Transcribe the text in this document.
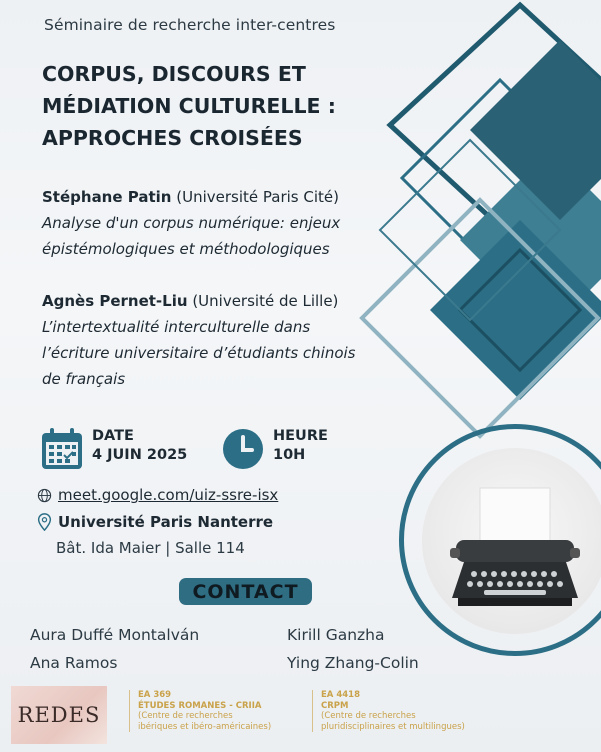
Séminaire de recherche inter-centres
CORPUS, DISCOURS ET
MÉDIATION CULTURELLE :
APPROCHES CROISÉES
Stéphane Patin (Université Paris Cité)
Analyse d'un corpus numérique: enjeux
épistémologiques et méthodologiques
Agnès Pernet-Liu (Université de Lille)
L’intertextualité interculturelle dans
l’écriture universitaire d’étudiants chinois
de français
DATE
4 JUIN 2025
HEURE
10H
meet.google.com/uiz-ssre-isx
Université Paris Nanterre
Bât. Ida Maier | Salle 114
CONTACT
Aura Duffé Montalván	Kirill Ganzha
Ana Ramos	Ying Zhang-Colin
REDES
EA 369
ÉTUDES ROMANES - CRIIA
(Centre de recherches
ibériques et ibéro-américaines)
EA 4418
CRPM
(Centre de recherches
pluridisciplinaires et multilingues)
